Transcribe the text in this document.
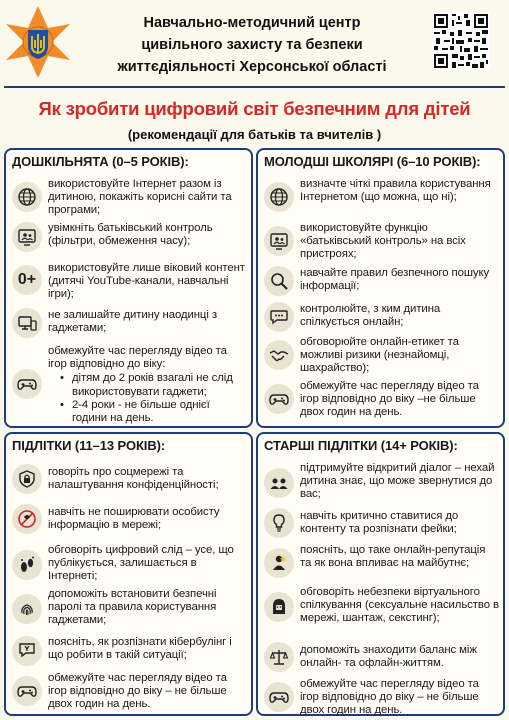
Навчально-методичний центр
цивільного захисту та безпеки
життєдіяльності Херсонської області
Як зробити цифровий світ безпечним для дітей
(рекомендації для батьків та вчителів )
ДОШКІЛЬНЯТА (0–5 РОКІВ):
використовуйте Інтернет разом із дитиною, покажіть корисні сайти та програми;
увімкніть батьківський контроль (фільтри, обмеження часу);
0+
використовуйте лише віковий контент (дитячі YouTube-канали, навчальні ігри);
не залишайте дитину наодинці з гаджетами;
обмежуйте час перегляду відео та ігор відповідно до віку:
• дітям до 2 років взагалі не слід використовувати гаджети;
• 2-4 роки - не більше однієї години на день.
МОЛОДШІ ШКОЛЯРІ (6–10 РОКІВ):
визначте чіткі правила користування Інтернетом (що можна, що ні);
використовуйте функцію «батьківський контроль» на всіх пристроях;
навчайте правил безпечного пошуку інформації;
контролюйте, з ким дитина спілкується онлайн;
обговорюйте онлайн-етикет та можливі ризики (незнайомці, шахрайство);
обмежуйте час перегляду відео та ігор відповідно до віку –не більше двох годин на день.
ПІДЛІТКИ (11–13 РОКІВ):
говоріть про соцмережі та налаштування конфіденційності;
навчіть не поширювати особисту інформацію в мережі;
обговоріть цифровий слід – усе, що публікується, залишається в Інтернеті;
допоможіть встановити безпечні паролі та правила користування гаджетами;
поясніть, як розпізнати кібербулінг і що робити в такій ситуації;
обмежуйте час перегляду відео та ігор відповідно до віку – не більше двох годин на день.
СТАРШІ ПІДЛІТКИ (14+ РОКІВ):
підтримуйте відкритий діалог – нехай дитина знає, що може звернутися до вас;
навчіть критично ставитися до контенту та розпізнати фейки;
поясніть, що таке онлайн-репутація та як вона впливає на майбутнє;
обговоріть небезпеки віртуального спілкування (сексуальне насильство в мережі, шантаж, секстинг);
допоможіть знаходити баланс між онлайн- та офлайн-життям.
обмежуйте час перегляду відео та ігор відповідно до віку – не більше двох годин на день.
